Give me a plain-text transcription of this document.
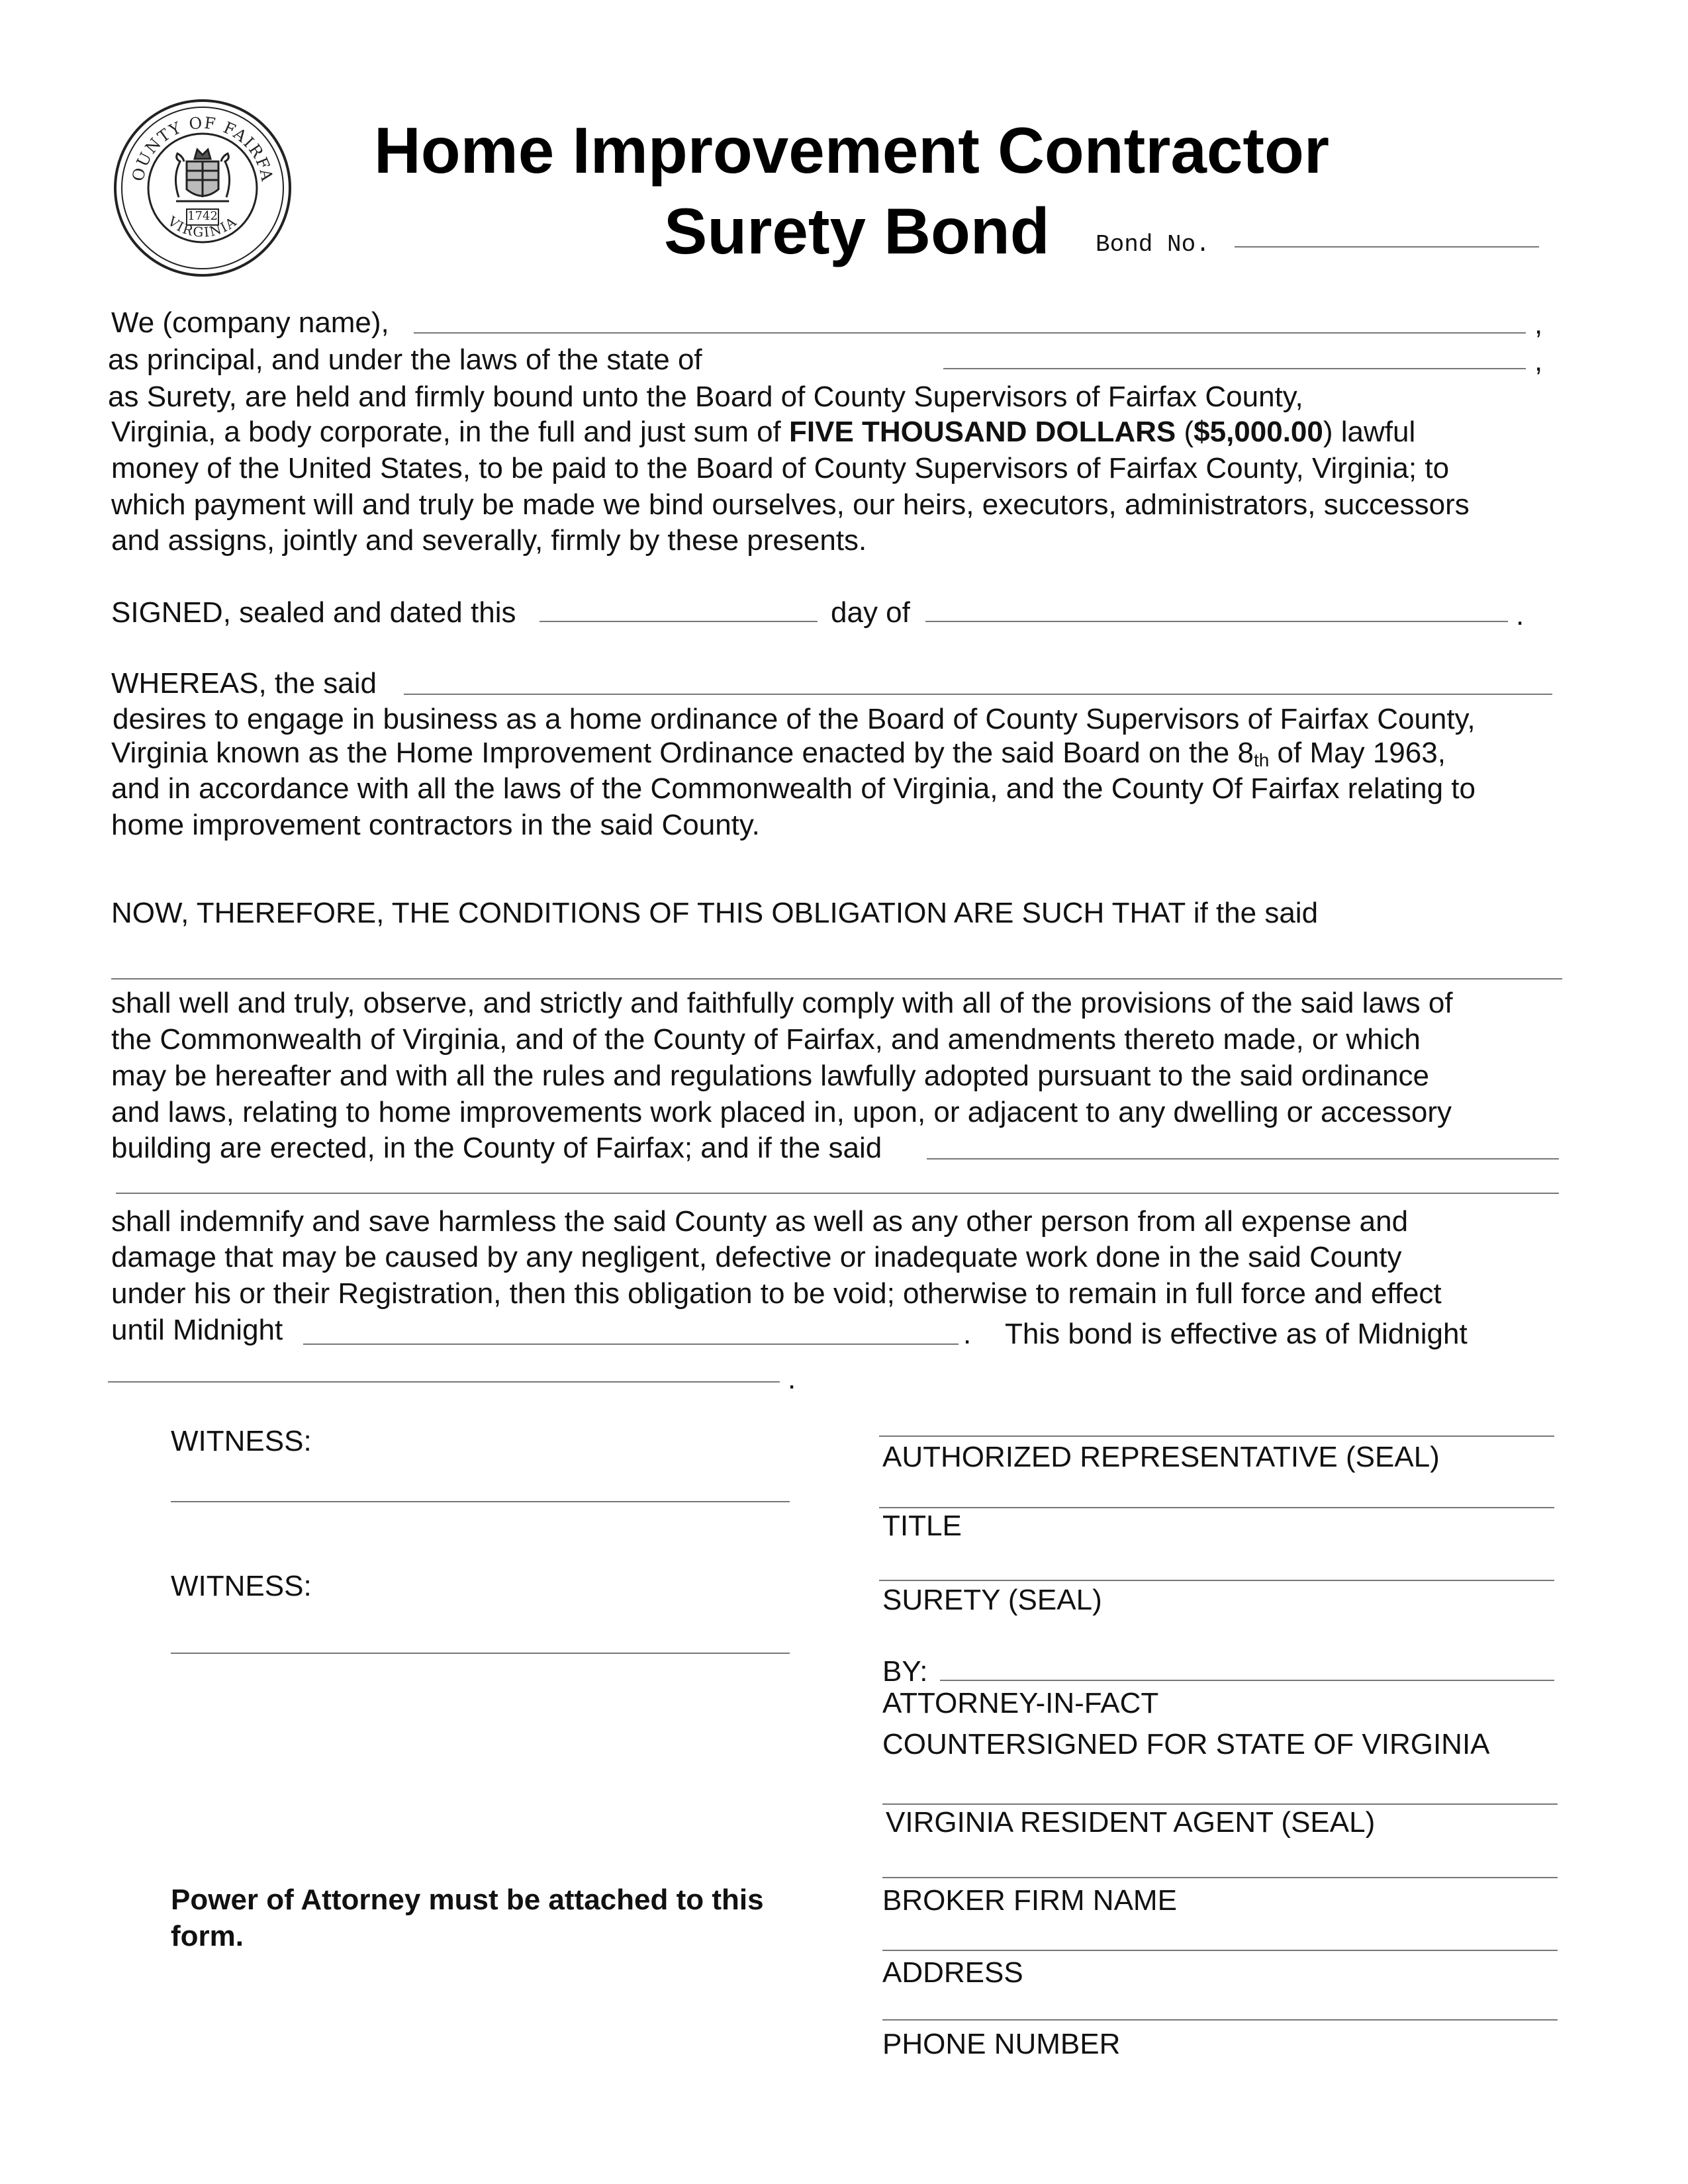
OUNTY OF FAIRFA
VIRGINIA
1742
Home Improvement Contractor
Surety Bond Bond No.
We (company name),	,
as principal, and under the laws of the state of	,
as Surety, are held and firmly bound unto the Board of County Supervisors of Fairfax County,
Virginia, a body corporate, in the full and just sum of FIVE THOUSAND DOLLARS ($5,000.00) lawful
money of the United States, to be paid to the Board of County Supervisors of Fairfax County, Virginia; to
which payment will and truly be made we bind ourselves, our heirs, executors, administrators, successors
and assigns, jointly and severally, firmly by these presents.
SIGNED, sealed and dated this	day of	.
WHEREAS, the said
desires to engage in business as a home ordinance of the Board of County Supervisors of Fairfax County,
Virginia known as the Home Improvement Ordinance enacted by the said Board on the 8th of May 1963,
and in accordance with all the laws of the Commonwealth of Virginia, and the County Of Fairfax relating to
home improvement contractors in the said County.
NOW, THEREFORE, THE CONDITIONS OF THIS OBLIGATION ARE SUCH THAT if the said
shall well and truly, observe, and strictly and faithfully comply with all of the provisions of the said laws of
the Commonwealth of Virginia, and of the County of Fairfax, and amendments thereto made, or which
may be hereafter and with all the rules and regulations lawfully adopted pursuant to the said ordinance
and laws, relating to home improvements work placed in, upon, or adjacent to any dwelling or accessory
building are erected, in the County of Fairfax; and if the said
shall indemnify and save harmless the said County as well as any other person from all expense and
damage that may be caused by any negligent, defective or inadequate work done in the said County
under his or their Registration, then this obligation to be void; otherwise to remain in full force and effect
until Midnight	. This bond is effective as of Midnight
.
WITNESS:
WITNESS:
Power of Attorney must be attached to this
form.
AUTHORIZED REPRESENTATIVE (SEAL)
TITLE
SURETY (SEAL)
BY:
ATTORNEY-IN-FACT
COUNTERSIGNED FOR STATE OF VIRGINIA
VIRGINIA RESIDENT AGENT (SEAL)
BROKER FIRM NAME
ADDRESS
PHONE NUMBER
